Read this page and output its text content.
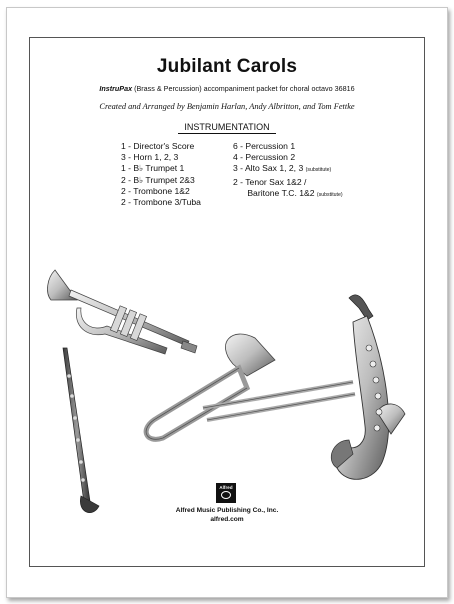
Jubilant Carols
InstruPax (Brass & Percussion) accompaniment packet for choral octavo 36816
Created and Arranged by Benjamin Harlan, Andy Albritton, and Tom Fettke
INSTRUMENTATION
1 - Director's Score
3 - Horn 1, 2, 3
1 - B♭ Trumpet 1
2 - B♭ Trumpet 2&3
2 - Trombone 1&2
2 - Trombone 3/Tuba
6 - Percussion 1
4 - Percussion 2
3 - Alto Sax 1, 2, 3 (substitute)
2 - Tenor Sax 1&2 /
Baritone T.C. 1&2 (substitute)
Alfred
Alfred Music Publishing Co., Inc.
alfred.com
